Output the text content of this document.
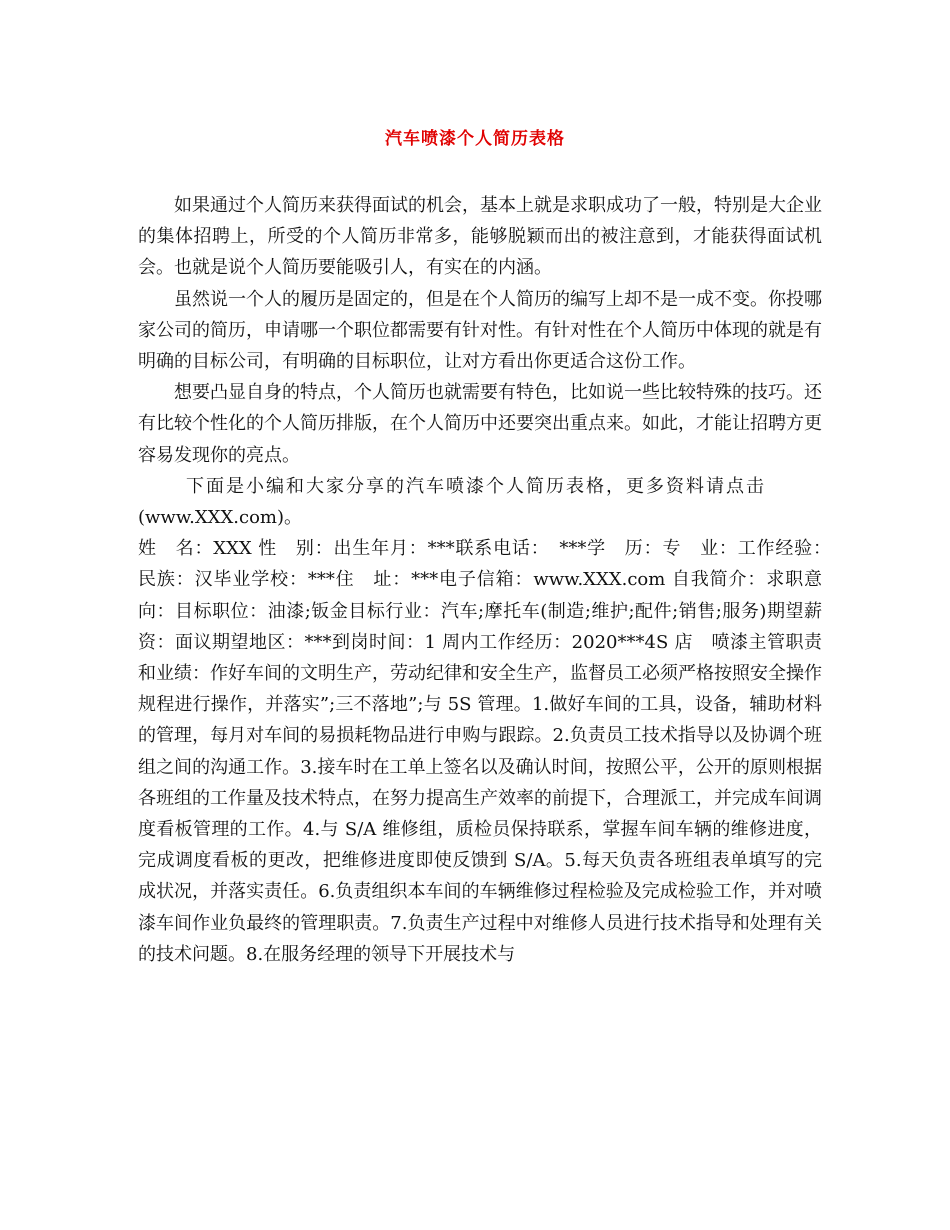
汽车喷漆个人简历表格

如果通过个人简历来获得面试的机会，基本上就是求职成功了一般，特别是大企业的集体招聘上，所受的个人简历非常多，能够脱颖而出的被注意到，才能获得面试机会。也就是说个人简历要能吸引人，有实在的内涵。

虽然说一个人的履历是固定的，但是在个人简历的编写上却不是一成不变。你投哪家公司的简历，申请哪一个职位都需要有针对性。有针对性在个人简历中体现的就是有明确的目标公司，有明确的目标职位，让对方看出你更适合这份工作。

想要凸显自身的特点，个人简历也就需要有特色，比如说一些比较特殊的技巧。还有比较个性化的个人简历排版，在个人简历中还要突出重点来。如此，才能让招聘方更容易发现你的亮点。

下面是小编和大家分享的汽车喷漆个人简历表格，更多资料请点击
(www.XXX.com)。

姓　名：XXX 性　别：出生年月：***联系电话：　***学　历：专　业：工作经验：　民族：汉毕业学校：***住　址：***电子信箱：www.XXX.com 自我简介：求职意向：目标职位：油漆;钣金目标行业：汽车;摩托车(制造;维护;配件;销售;服务)期望薪资：面议期望地区：***到岗时间：1 周内工作经历：2020***4S 店　喷漆主管职责和业绩：作好车间的文明生产，劳动纪律和安全生产，监督员工必须严格按照安全操作规程进行操作，并落实”;三不落地”;与 5S 管理。1.做好车间的工具，设备，辅助材料的管理，每月对车间的易损耗物品进行申购与跟踪。2.负责员工技术指导以及协调个班组之间的沟通工作。3.接车时在工单上签名以及确认时间，按照公平，公开的原则根据各班组的工作量及技术特点，在努力提高生产效率的前提下，合理派工，并完成车间调度看板管理的工作。4.与 S/A 维修组，质检员保持联系，掌握车间车辆的维修进度，完成调度看板的更改，把维修进度即使反馈到 S/A。5.每天负责各班组表单填写的完成状况，并落实责任。6.负责组织本车间的车辆维修过程检验及完成检验工作，并对喷漆车间作业负最终的管理职责。7.负责生产过程中对维修人员进行技术指导和处理有关的技术问题。8.在服务经理的领导下开展技术与
